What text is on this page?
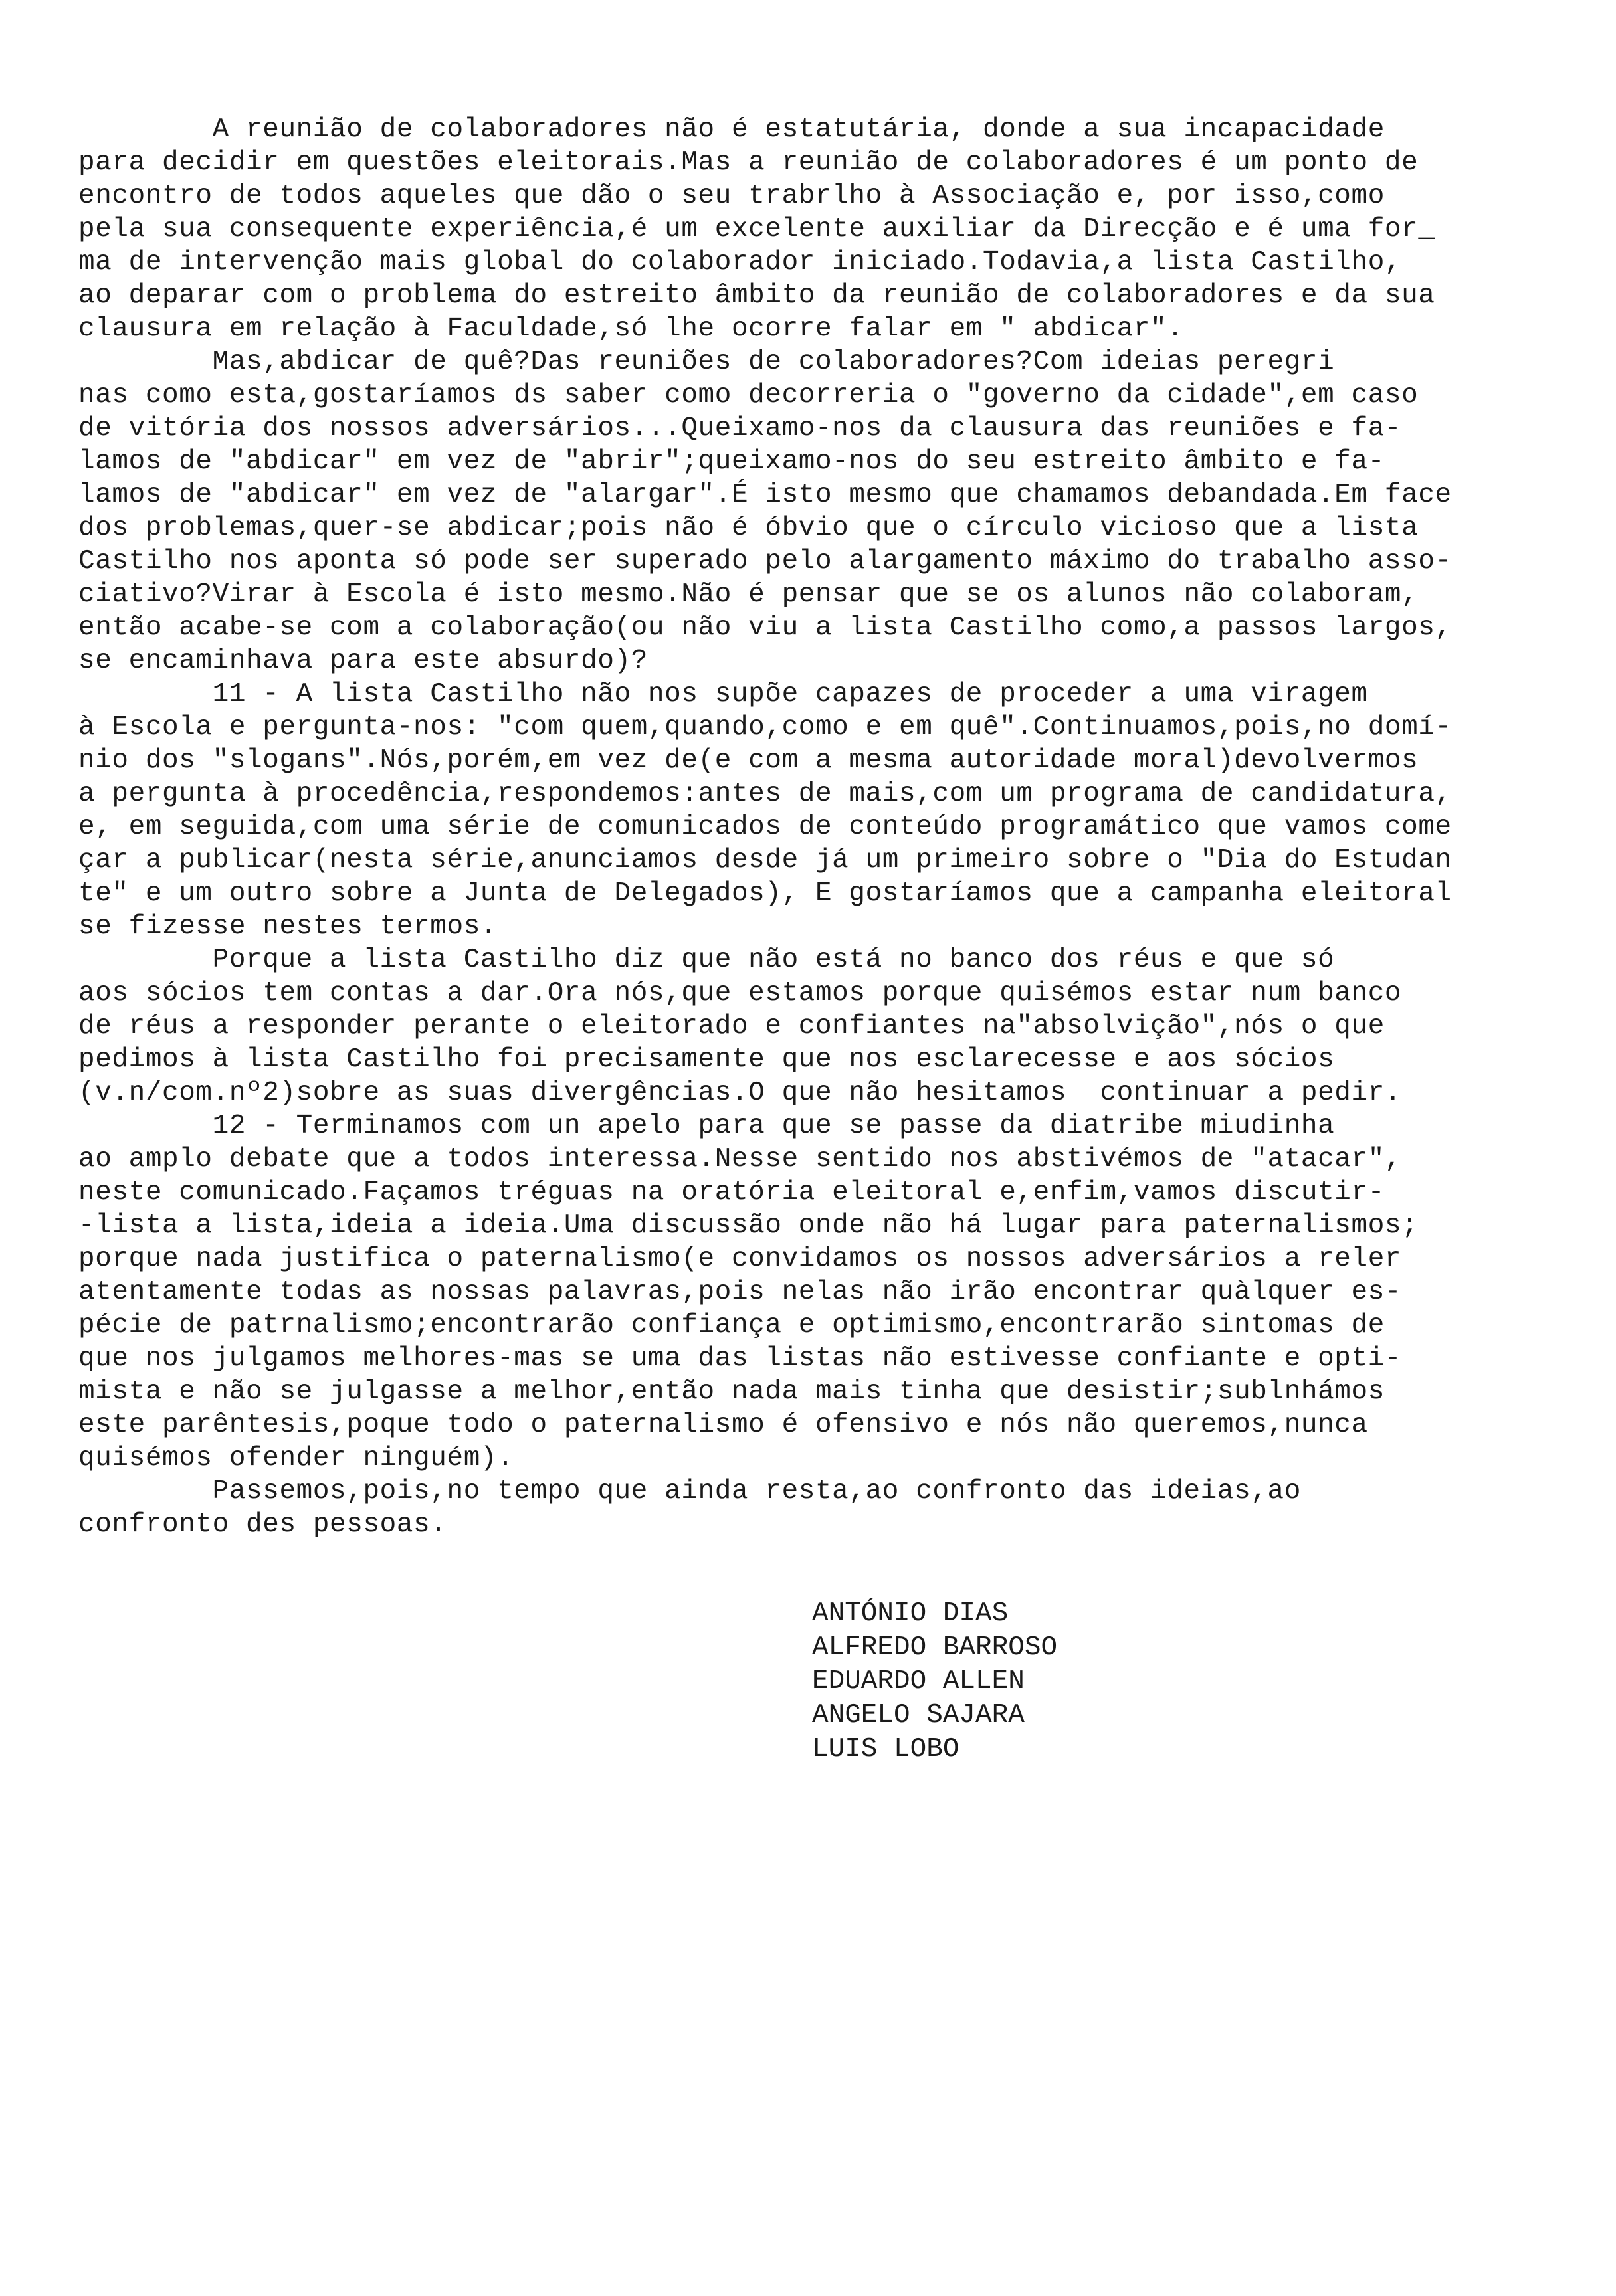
A reunião de colaboradores não é estatutária, donde a sua incapacidade
para decidir em questões eleitorais.Mas a reunião de colaboradores é um ponto de
encontro de todos aqueles que dão o seu trabrlho à Associação e, por isso,como
pela sua consequente experiência,é um excelente auxiliar da Direcção e é uma for_
ma de intervenção mais global do colaborador iniciado.Todavia,a lista Castilho,
ao deparar com o problema do estreito âmbito da reunião de colaboradores e da sua
clausura em relação à Faculdade,só lhe ocorre falar em " abdicar".
Mas,abdicar de quê?Das reuniões de colaboradores?Com ideias peregri
nas como esta,gostaríamos ds saber como decorreria o "governo da cidade",em caso
de vitória dos nossos adversários...Queixamo-nos da clausura das reuniões e fa-
lamos de "abdicar" em vez de "abrir";queixamo-nos do seu estreito âmbito e fa-
lamos de "abdicar" em vez de "alargar".É isto mesmo que chamamos debandada.Em face
dos problemas,quer-se abdicar;pois não é óbvio que o círculo vicioso que a lista
Castilho nos aponta só pode ser superado pelo alargamento máximo do trabalho asso-
ciativo?Virar à Escola é isto mesmo.Não é pensar que se os alunos não colaboram,
então acabe-se com a colaboração(ou não viu a lista Castilho como,a passos largos,
se encaminhava para este absurdo)?
11 - A lista Castilho não nos supõe capazes de proceder a uma viragem
à Escola e pergunta-nos: "com quem,quando,como e em quê".Continuamos,pois,no domí-
nio dos "slogans".Nós,porém,em vez de(e com a mesma autoridade moral)devolvermos
a pergunta à procedência,respondemos:antes de mais,com um programa de candidatura,
e, em seguida,com uma série de comunicados de conteúdo programático que vamos come
çar a publicar(nesta série,anunciamos desde já um primeiro sobre o "Dia do Estudan
te" e um outro sobre a Junta de Delegados), E gostaríamos que a campanha eleitoral
se fizesse nestes termos.
Porque a lista Castilho diz que não está no banco dos réus e que só
aos sócios tem contas a dar.Ora nós,que estamos porque quisémos estar num banco
de réus a responder perante o eleitorado e confiantes na"absolvição",nós o que
pedimos à lista Castilho foi precisamente que nos esclarecesse e aos sócios
(v.n/com.nº2)sobre as suas divergências.O que não hesitamos  continuar a pedir.
12 - Terminamos com un apelo para que se passe da diatribe miudinha
ao amplo debate que a todos interessa.Nesse sentido nos abstivémos de "atacar",
neste comunicado.Façamos tréguas na oratória eleitoral e,enfim,vamos discutir-
-lista a lista,ideia a ideia.Uma discussão onde não há lugar para paternalismos;
porque nada justifica o paternalismo(e convidamos os nossos adversários a reler
atentamente todas as nossas palavras,pois nelas não irão encontrar quàlquer es-
pécie de patrnalismo;encontrarão confiança e optimismo,encontrarão sintomas de
que nos julgamos melhores-mas se uma das listas não estivesse confiante e opti-
mista e não se julgasse a melhor,então nada mais tinha que desistir;sublnhámos
este parêntesis,poque todo o paternalismo é ofensivo e nós não queremos,nunca
quisémos ofender ninguém).
Passemos,pois,no tempo que ainda resta,ao confronto das ideias,ao
confronto des pessoas.
ANTÓNIO DIAS
ALFREDO BARROSO
EDUARDO ALLEN
ANGELO SAJARA
LUIS LOBO
